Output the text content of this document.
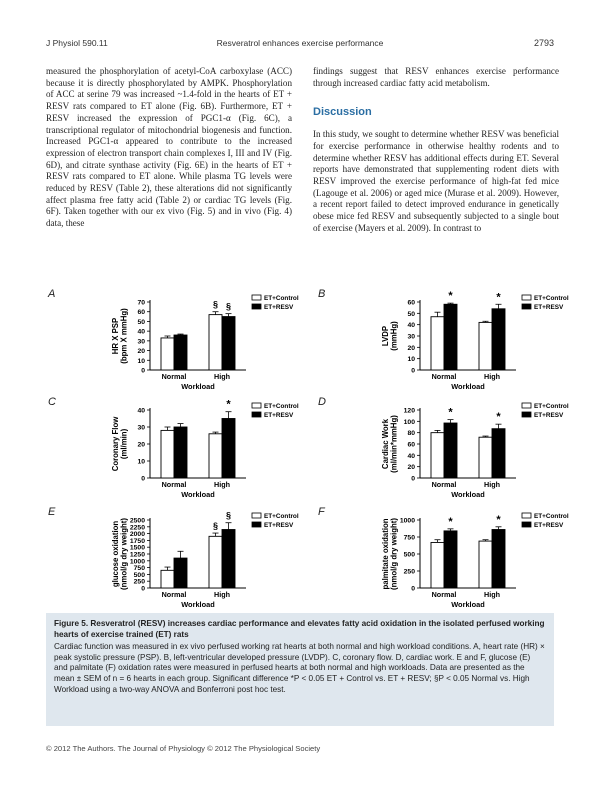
J Physiol 590.11	Resveratrol enhances exercise performance	2793

measured the phosphorylation of acetyl-CoA carboxylase (ACC) because it is directly phosphorylated by AMPK. Phosphorylation of ACC at serine 79 was increased ~1.4-fold in the hearts of ET + RESV rats compared to ET alone (Fig. 6B). Furthermore, ET + RESV increased the expression of PGC1-α (Fig. 6C), a transcriptional regulator of mitochondrial biogenesis and function. Increased PGC1-α appeared to contribute to the increased expression of electron transport chain complexes I, III and IV (Fig. 6D), and citrate synthase activity (Fig. 6E) in the hearts of ET + RESV rats compared to ET alone. While plasma TG levels were reduced by RESV (Table 2), these alterations did not significantly affect plasma free fatty acid (Table 2) or cardiac TG levels (Fig. 6F). Taken together with our ex vivo (Fig. 5) and in vivo (Fig. 4) data, these

findings suggest that RESV enhances exercise performance through increased cardiac fatty acid metabolism.

Discussion

In this study, we sought to determine whether RESV was beneficial for exercise performance in otherwise healthy rodents and to determine whether RESV has additional effects during ET. Several reports have demonstrated that supplementing rodent diets with RESV improved the exercise performance of high-fat fed mice (Lagouge et al. 2006) or aged mice (Murase et al. 2009). However, a recent report failed to detect improved endurance in genetically obese mice fed RESV and subsequently subjected to a single bout of exercise (Mayers et al. 2009). In contrast to

A
0
10
20
30
40
50
60
70
HR X PSP(bpm X mmHg)
Normal
§ §
High
Workload
ET+Control
ET+RESV
B
0
10
20
30
40
50
60
LVDP(mmHg)
*
Normal
*
High
Workload
ET+Control
ET+RESV
C
0
10
20
30
40
Coronary Flow(ml/min)
Normal
*
High
Workload
ET+Control
ET+RESV
D
0
20
40
60
80
100
120
Cardiac Work(ml/min*mmHg)
*
Normal
*
High
Workload
ET+Control
ET+RESV
E
0
250
500
750
1000
1250
1500
1750
2000
2250
2500
glucose oxidation(nmol/g dry weight)
Normal
§
§
High
Workload
ET+Control
ET+RESV
F
0
250
500
750
1000
palmitate oxidation(nmol/g dry weight)	*
Normal
*
High
Workload
ET+Control
ET+RESV
Figure 5. Resveratrol (RESV) increases cardiac performance and elevates fatty acid oxidation in the isolated perfused working hearts of exercise trained (ET) rats
Cardiac function was measured in ex vivo perfused working rat hearts at both normal and high workload conditions. A, heart rate (HR) × peak systolic pressure (PSP). B, left-ventricular developed pressure (LVDP). C, coronary flow. D, cardiac work. E and F, glucose (E) and palmitate (F) oxidation rates were measured in perfused hearts at both normal and high workloads. Data are presented as the mean ± SEM of n = 6 hearts in each group. Significant difference *P < 0.05 ET + Control vs. ET + RESV; §P < 0.05 Normal vs. High Workload using a two-way ANOVA and Bonferroni post hoc test.
© 2012 The Authors. The Journal of Physiology © 2012 The Physiological Society
